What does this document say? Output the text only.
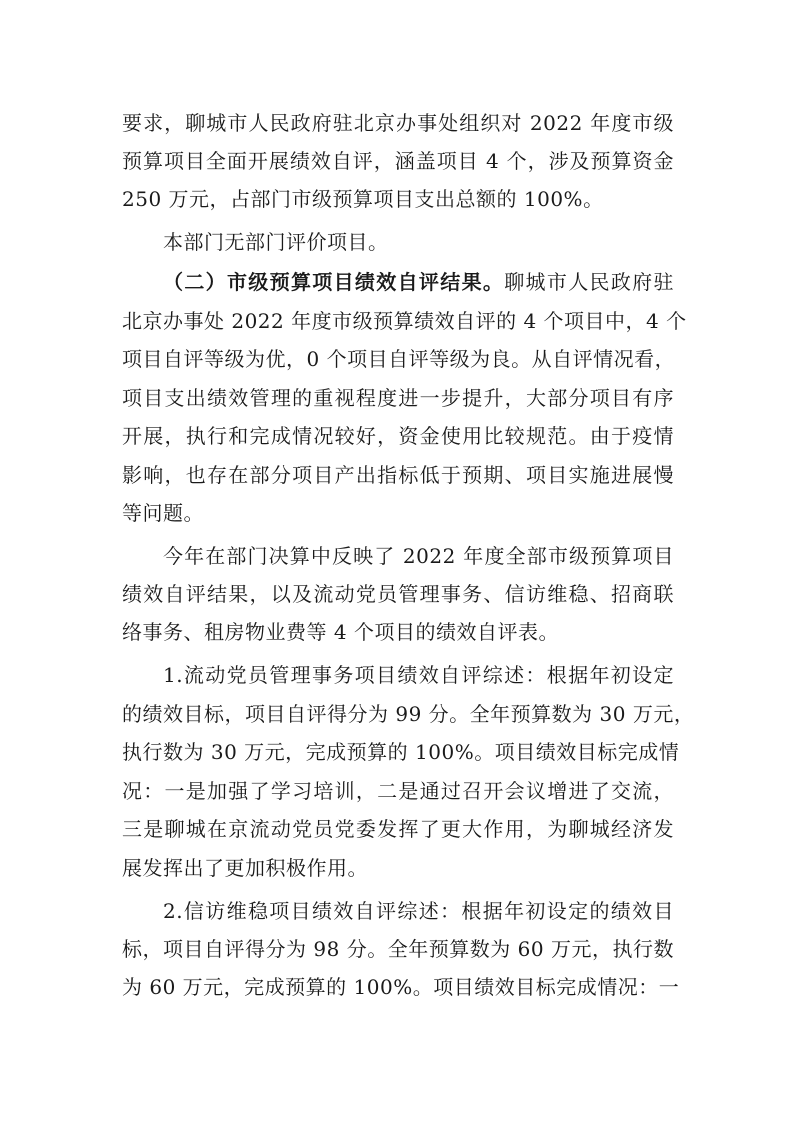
要求，聊城市人民政府驻北京办事处组织对 2022 年度市级
预算项目全面开展绩效自评，涵盖项目 4 个，涉及预算资金
250 万元，占部门市级预算项目支出总额的 100%。
本部门无部门评价项目。
（二）市级预算项目绩效自评结果。聊城市人民政府驻
北京办事处 2022 年度市级预算绩效自评的 4 个项目中，4 个
项目自评等级为优，0 个项目自评等级为良。从自评情况看，
项目支出绩效管理的重视程度进一步提升，大部分项目有序
开展，执行和完成情况较好，资金使用比较规范。由于疫情
影响，也存在部分项目产出指标低于预期、项目实施进展慢
等问题。
今年在部门决算中反映了 2022 年度全部市级预算项目
绩效自评结果，以及流动党员管理事务、信访维稳、招商联
络事务、租房物业费等 4 个项目的绩效自评表。
1.流动党员管理事务项目绩效自评综述：根据年初设定
的绩效目标，项目自评得分为 99 分。全年预算数为 30 万元，
执行数为 30 万元，完成预算的 100%。项目绩效目标完成情
况：一是加强了学习培训，二是通过召开会议增进了交流，
三是聊城在京流动党员党委发挥了更大作用，为聊城经济发
展发挥出了更加积极作用。
2.信访维稳项目绩效自评综述：根据年初设定的绩效目
标，项目自评得分为 98 分。全年预算数为 60 万元，执行数
为 60 万元，完成预算的 100%。项目绩效目标完成情况：一
